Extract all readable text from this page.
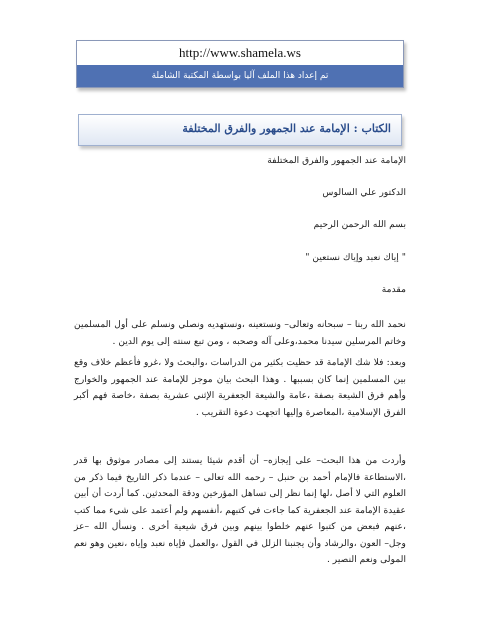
http://www.shamela.ws
تم إعداد هذا الملف آليا بواسطة المكتبة الشاملة
الكتاب : الإمامة عند الجمهور والفرق المختلفة
الإمامة عند الجمهور والفرق المختلفة
الدكتور علي السالوس
بسم الله الرحمن الرحيم
" إياك نعبد وإياك نستعين "
مقدمة
نحمد الله ربنا – سبحانه وتعالى– ونستعينه ،ونستهديه ونصلي ونسلم على أول المسلمين وخاتم المرسلين سيدنا محمد،وعلى آله وصحبه ، ومن تبع سنته إلى يوم الدين .
وبعد: فلا شك الإمامة قد حظيت بكثير من الدراسات ،والبحث ولا ،غرو فأعظم خلاف وقع بين المسلمين إنما كان بسببها . وهذا البحث بيان موجز للإمامة عند الجمهور والخوارج وأهم فرق الشيعة بصفة ،عامة والشيعة الجعفرية الإثني عشرية بصفة ،خاصة فهم أكبر الفرق الإسلامية ،المعاصرة وإليها اتجهت دعوة التقريب .
وأردت من هذا البحث– على إيجازه– أن أقدم شيئا يستند إلى مصادر موثوق بها قدر ،الاستطاعة فالإمام أحمد بن حنبل – رحمه الله تعالى – عندما ذكر التاريخ فيما ذكر من العلوم التي لا أصل ،لها إنما نظر إلى تساهل المؤرخين ودقة المحدثين. كما أردت أن أبين عقيدة الإمامة عند الجعفرية كما جاءت في كتبهم ،أنفسهم ولم أعتمد على شيء مما كتب ،عنهم فبعض من كتبوا عنهم خلطوا بينهم وبين فرق شيعية أخرى . ونسأل الله –عز وجل– العون ،والرشاد وأن يجنبنا الزلل في القول ،والعمل فإياه نعبد وإياه ،نعين وهو نعم المولى ونعم النصير .
